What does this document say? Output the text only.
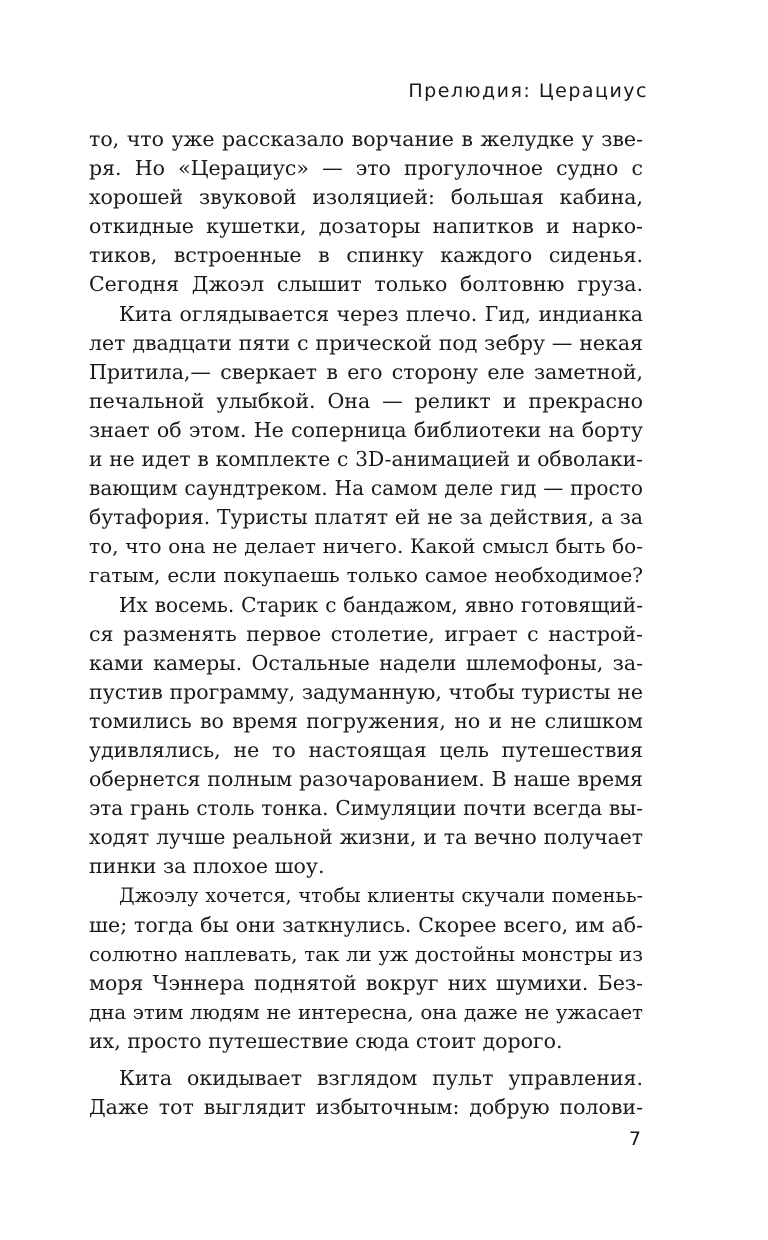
Прелюдия: Церациус
то, что уже рассказало ворчание в желудке у зве-
ря. Но «Церациус» — это прогулочное судно с
хорошей звуковой изоляцией: большая кабина,
откидные кушетки, дозаторы напитков и нарко-
тиков, встроенные в спинку каждого сиденья.
Сегодня Джоэл слышит только болтовню груза.
Кита оглядывается через плечо. Гид, индианка
лет двадцати пяти с прической под зебру — некая
Притила,— сверкает в его сторону еле заметной,
печальной улыбкой. Она — реликт и прекрасно
знает об этом. Не соперница библиотеки на борту
и не идет в комплекте с 3D-анимацией и обволаки-
вающим саундтреком. На самом деле гид — просто
бутафория. Туристы платят ей не за действия, а за
то, что она не делает ничего. Какой смысл быть бо-
гатым, если покупаешь только самое необходимое?
Их восемь. Старик с бандажом, явно готовящий-
ся разменять первое столетие, играет с настрой-
ками камеры. Остальные надели шлемофоны, за-
пустив программу, задуманную, чтобы туристы не
томились во время погружения, но и не слишком
удивлялись, не то настоящая цель путешествия
обернется полным разочарованием. В наше время
эта грань столь тонка. Симуляции почти всегда вы-
ходят лучше реальной жизни, и та вечно получает
пинки за плохое шоу.
Джоэлу хочется, чтобы клиенты скучали поменьь-
ше; тогда бы они заткнулись. Скорее всего, им аб-
солютно наплевать, так ли уж достойны монстры из
моря Чэннера поднятой вокруг них шумихи. Без-
дна этим людям не интересна, она даже не ужасает
их, просто путешествие сюда стоит дорого.
Кита окидывает взглядом пульт управления.
Даже тот выглядит избыточным: добрую полови-
7
